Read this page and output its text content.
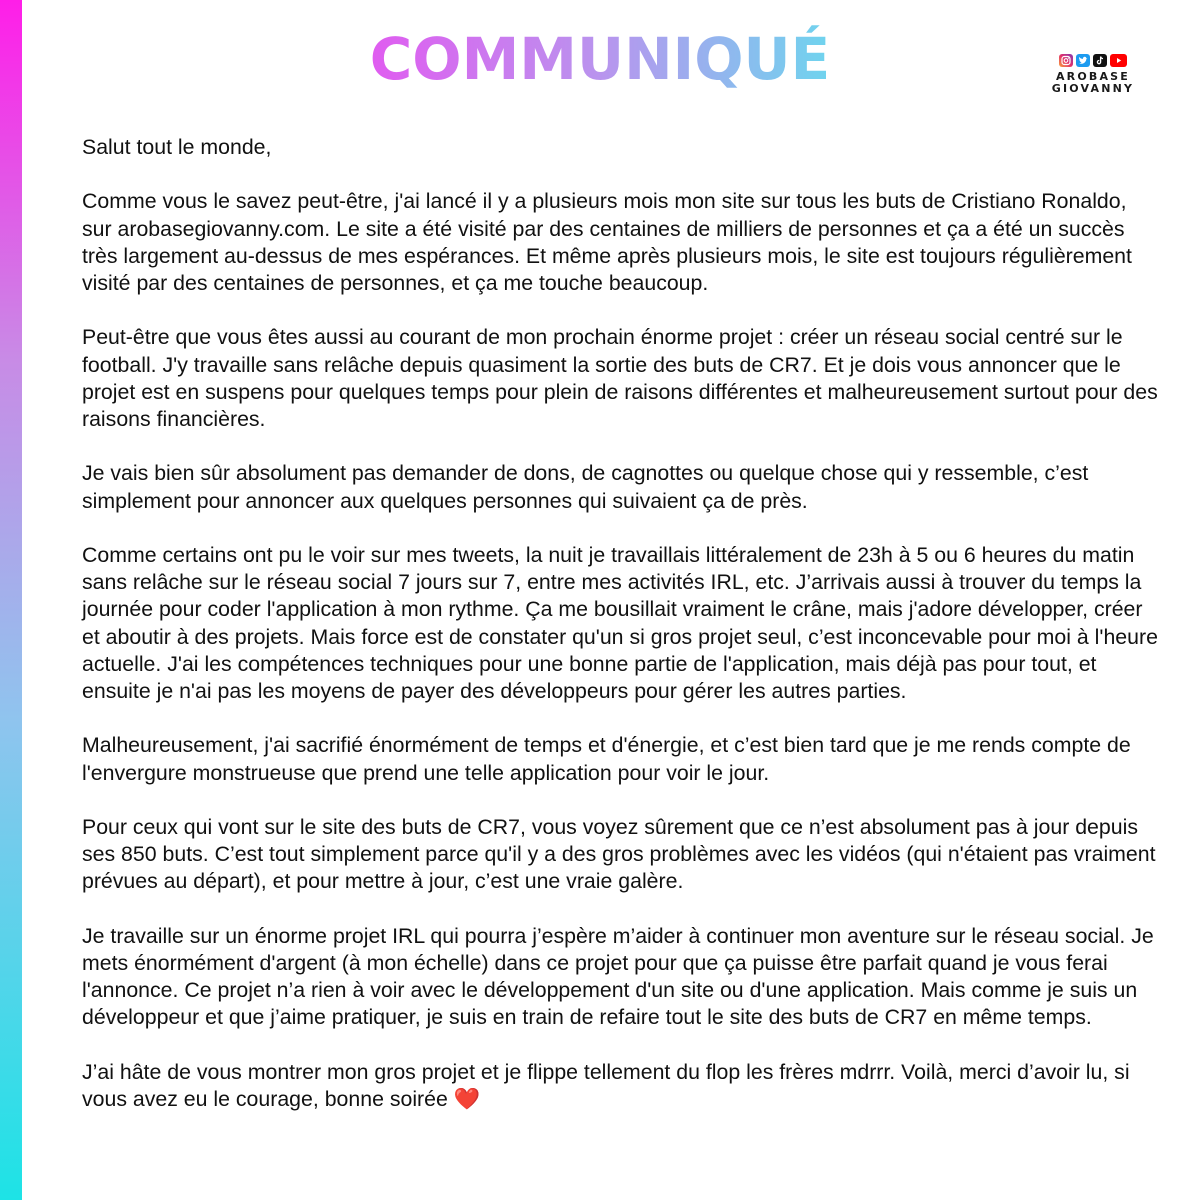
COMMUNIQUÉ	AROBASE
GIOVANNY

Salut tout le monde,

Comme vous le savez peut-être, j'ai lancé il y a plusieurs mois mon site sur tous les buts de Cristiano Ronaldo, sur arobasegiovanny.com. Le site a été visité par des centaines de milliers de personnes et ça a été un succès très largement au-dessus de mes espérances. Et même après plusieurs mois, le site est toujours régulièrement visité par des centaines de personnes, et ça me touche beaucoup.

Peut-être que vous êtes aussi au courant de mon prochain énorme projet : créer un réseau social centré sur le football. J'y travaille sans relâche depuis quasiment la sortie des buts de CR7. Et je dois vous annoncer que le projet est en suspens pour quelques temps pour plein de raisons différentes et malheureusement surtout pour des raisons financières.

Je vais bien sûr absolument pas demander de dons, de cagnottes ou quelque chose qui y ressemble, c’est simplement pour annoncer aux quelques personnes qui suivaient ça de près.

Comme certains ont pu le voir sur mes tweets, la nuit je travaillais littéralement de 23h à 5 ou 6 heures du matin sans relâche sur le réseau social 7 jours sur 7, entre mes activités IRL, etc. J’arrivais aussi à trouver du temps la journée pour coder l'application à mon rythme. Ça me bousillait vraiment le crâne, mais j'adore développer, créer et aboutir à des projets. Mais force est de constater qu'un si gros projet seul, c’est inconcevable pour moi à l'heure actuelle. J'ai les compétences techniques pour une bonne partie de l'application, mais déjà pas pour tout, et ensuite je n'ai pas les moyens de payer des développeurs pour gérer les autres parties.

Malheureusement, j'ai sacrifié énormément de temps et d'énergie, et c’est bien tard que je me rends compte de l'envergure monstrueuse que prend une telle application pour voir le jour.

Pour ceux qui vont sur le site des buts de CR7, vous voyez sûrement que ce n’est absolument pas à jour depuis ses 850 buts. C’est tout simplement parce qu'il y a des gros problèmes avec les vidéos (qui n'étaient pas vraiment prévues au départ), et pour mettre à jour, c’est une vraie galère.

Je travaille sur un énorme projet IRL qui pourra j’espère m’aider à continuer mon aventure sur le réseau social. Je mets énormément d'argent (à mon échelle) dans ce projet pour que ça puisse être parfait quand je vous ferai l'annonce. Ce projet n’a rien à voir avec le développement d'un site ou d'une application. Mais comme je suis un développeur et que j’aime pratiquer, je suis en train de refaire tout le site des buts de CR7 en même temps.

J’ai hâte de vous montrer mon gros projet et je flippe tellement du flop les frères mdrrr. Voilà, merci d’avoir lu, si vous avez eu le courage, bonne soirée ❤️
